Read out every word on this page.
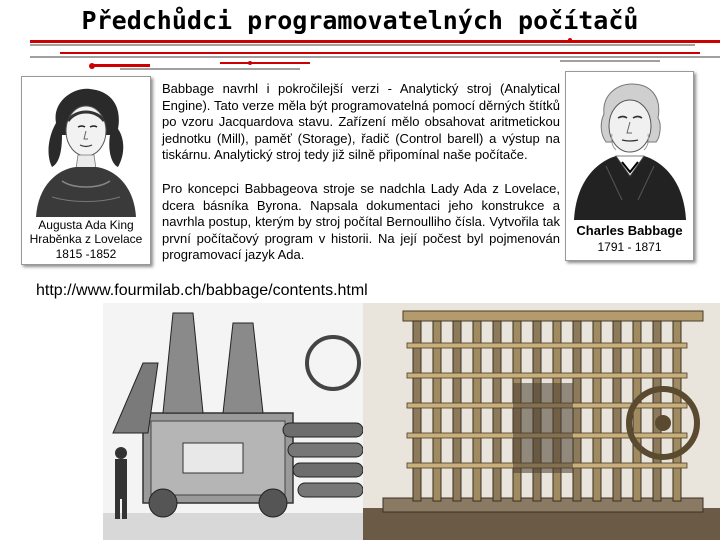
Předchůdci programovatelných počítačů
Augusta Ada King
Hraběnka z Lovelace
1815 -1852
Babbage navrhl i pokročilejší verzi - Analytický stroj (Analytical Engine). Tato verze měla být programovatelná pomocí děrných štítků po vzoru Jacquardova stavu. Zařízení mělo obsahovat aritmetickou jednotku (Mill), paměť (Storage), řadič (Control barell) a výstup na tiskárnu. Analytický stroj tedy již silně připomínal naše počítače.
Pro koncepci Babbageova stroje se nadchla Lady Ada z Lovelace, dcera básníka Byrona. Napsala dokumentaci jeho konstrukce a navrhla postup, kterým by stroj počítal Bernoulliho čísla. Vytvořila tak první počítačový program v historii. Na její počest byl pojmenován programovací jazyk Ada.
Charles Babbage
1791 - 1871
http://www.fourmilab.ch/babbage/contents.html
